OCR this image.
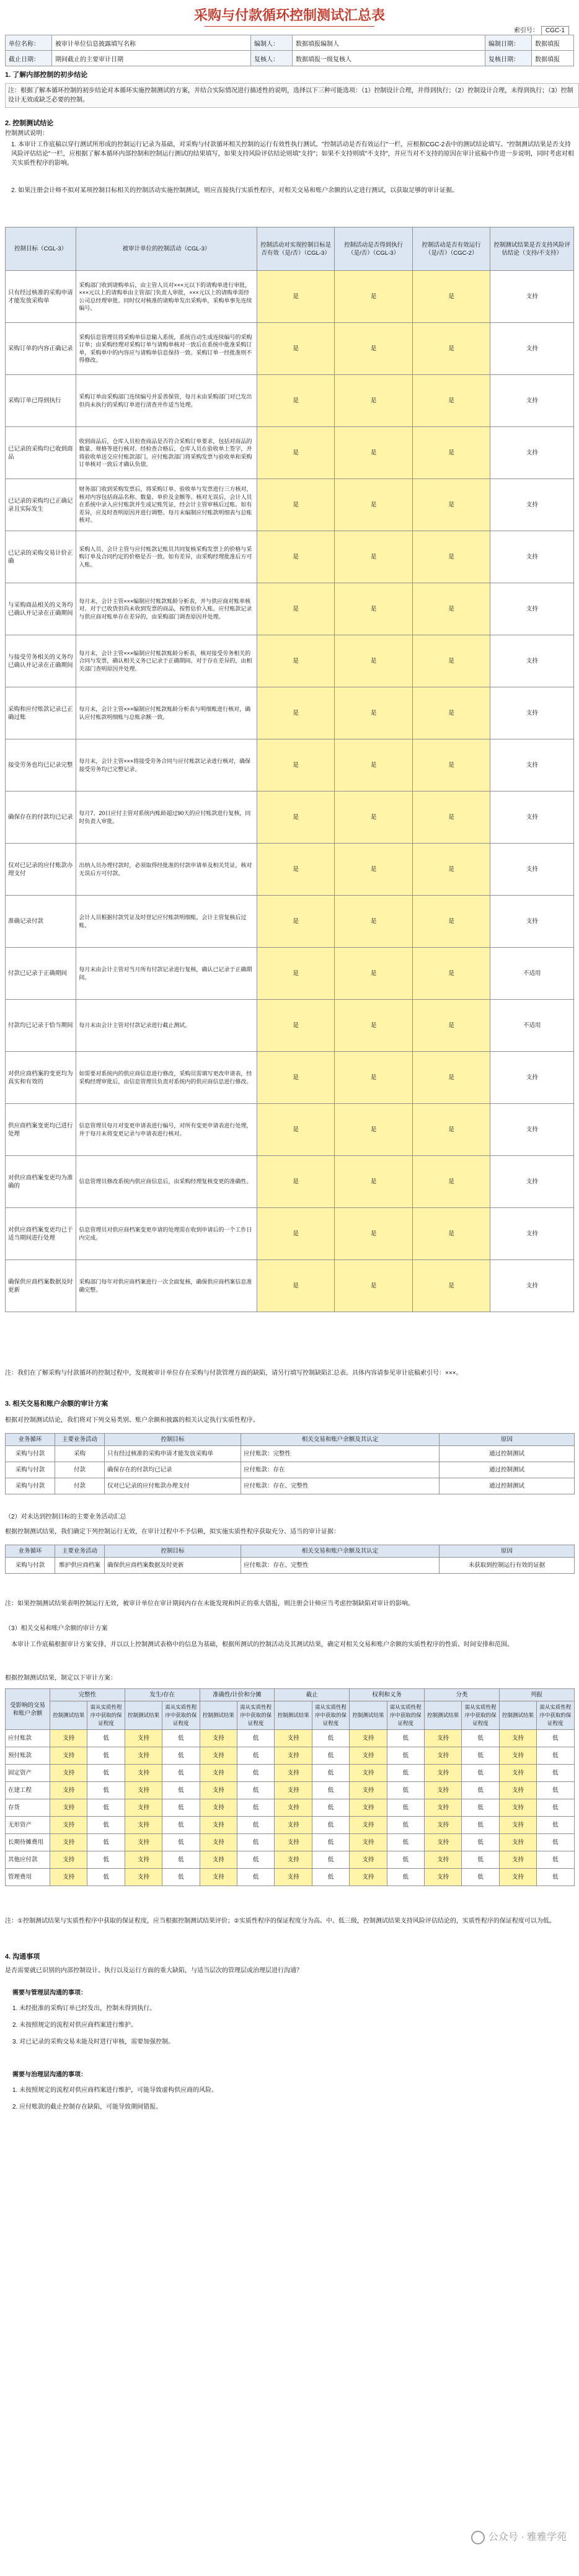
采购与付款循环控制测试汇总表
索引号： CGC-1
单位名称：	被审计单位信息披露填写名称	编制人：	数据填报编制人	编制日期：	数据填报
截止日期：	期间截止的主要审计日期	复核人：	数据填报一级复核人	复核日期：	数据填报
1. 了解内部控制的初步结论
注：根据了解本循环控制的初步结论对本循环实施控制测试的方案，并结合实际情况进行描述性的说明，选择以下三种可能选项：（1）控制设计合理，并得到执行；（2）控制设计合理，未得到执行；（3）控制设计无效或缺乏必要的控制。
2. 控制测试结论
控制测试说明：
1. 本审计工作底稿以穿行测试所形成的控制运行记录为基础，对采购与付款循环相关控制的运行有效性执行测试。"控制活动是否有效运行"一栏，应根据CGC-2表中的测试结论填写。"控制测试结果是否支持风险评估结论"一栏，应根据了解本循环内部控制和控制运行测试的结果填写，如果支持风险评估结论则填"支持"；如果不支持则填"不支持"，并应当对不支持的原因在审计底稿中作进一步说明，同时考虑对相关实质性程序的影响。
2. 如果注册会计师不拟对某项控制目标相关的控制活动实施控制测试，则应直接执行实质性程序，对相关交易和账户余额的认定进行测试，以获取足够的审计证据。
控制目标（CGL-3）	被审计单位的控制活动（CGL-3）	控制活动对实现控制目标是否有效（是/否）（CGL-3）	控制活动是否得到执行（是/否）（CGL-3）	控制活动是否有效运行（是/否）（CGC-2）	控制测试结果是否支持风险评估结论（支持/不支持）
只有经过核准的采购申请才能发放采购单	采购部门收到请购单后，由主管人员对×××元以下的请购单进行审批，×××元以上的请购单由主管部门负责人审批，×××元以上的请购单需经公司总经理审批。同时仅对核准的请购单发出采购单，采购单事先连续编号。	是	是	是	支持
采购订单的内容正确记录	采购信息管理员将采购单信息输入系统，系统自动生成连续编号的采购订单；由采购经理对采购订单与请购单核对一致后在系统中批准采购订单，采购单中的内容应与请购单信息保持一致。采购订单一经批准则不得修改。	是	是	是	支持
采购订单已得到执行	采购订单由采购部门连续编号并妥善保管，每月末由采购部门对已发出但尚未执行的采购订单进行清查并作适当处理。	是	是	是	支持
已记录的采购均已收到商品	收到商品后，仓库人员检查商品是否符合采购订单要求，包括对商品的数量、规格等进行核对。经检查合格后，仓库人员在验收单上签字，并将验收单送交应付账款部门。应付账款部门将采购发票与验收单和采购订单核对一致后才确认负债。	是	是	是	支持
已记录的采购均已正确记录且实际发生	财务部门收到采购发票后，将采购订单、验收单与发票进行三方核对，核对内容包括商品名称、数量、单价及金额等。核对无误后，会计人员在系统中录入应付账款并生成记账凭证，经会计主管审核后过账。如有差异，应及时查明原因并进行调整。每月末编制应付账款明细表与总账核对。	是	是	是	支持
已记录的采购交易计价正确	采购人员、会计主管与应付账款记账员共同复核采购发票上的价格与采购订单及合同约定的价格是否一致。如有差异，由采购经理批准后方可入账。	是	是	是	支持
与采购商品相关的义务均已确认并记录在正确期间	每月末，会计主管×××编制应付账款账龄分析表，并与供应商对账单核对。对于已收货但尚未收到发票的商品，按暂估价入账。应付账款记录与供应商对账单存在差异的，由采购部门调查原因并处理。	是	是	是	支持
与接受劳务相关的义务均已确认并记录在正确期间	每月末，会计主管×××编制应付账款账龄分析表，核对接受劳务相关的合同与发票，确认相关义务已记录于正确期间。对于存在差异的，由相关部门查明原因并处理。	是	是	是	支持
采购和应付账款记录已正确过账	每月末，会计主管×××编制应付账款账龄分析表与明细账进行核对，确认应付账款明细账与总账余额一致。	是	是	是	支持
接受劳务也均已记录完整	每月末，会计主管×××将接受劳务合同与应付账款记录进行核对，确保接受劳务均已完整记录。	是	是	是	支持
确保存在的付款均已记录	每月7、20日应付主管对系统内账龄超过90天的应付账款进行复核，同时负责人审批。	是	是	是	支持
仅对已记录的应付账款办理支付	出纳人员办理付款时，必须取得经批准的付款申请单及相关凭证，核对无误后方可付款。	是	是	是	支持
准确记录付款	会计人员根据付款凭证及时登记应付账款明细账，会计主管复核后过账。	是	是	是	支持
付款已记录于正确期间	每月末由会计主管对当月所有付款记录进行复核，确认已记录于正确期间。	是	是	是	不适用
付款均已记录于恰当期间	每月末由会计主管对付款记录进行截止测试。	是	是	是	不适用
对供应商档案的变更均为真实和有效的	如需要对系统内的供应商信息进行修改，采购员需填写更改申请表，经采购经理审批后，由信息管理员负责对系统内的供应商信息进行修改。	是	是	是	支持
供应商档案变更均已进行处理	信息管理员每月对变更申请表进行编号，对所有变更申请表进行处理，并于每月末将变更记录与申请表进行核对。	是	是	是	支持
对供应商档案变更均为准确的	信息管理员修改系统内供应商信息后，由采购经理复核变更的准确性。	是	是	是	支持
对供应商档案变更均已于适当期间进行处理	信息管理员对供应商档案变更申请的处理需在收到申请后的一个工作日内完成。	是	是	是	支持
确保供应商档案数据及时更新	采购部门每年对供应商档案进行一次全面复核，确保供应商档案信息准确完整。	是	是	是	支持
注：我们在了解采购与付款循环的控制过程中，发现被审计单位存在采购与付款管理方面的缺陷，请另行填写控制缺陷汇总表。具体内容请参见审计底稿索引号：×××。
3. 相关交易和账户余额的审计方案
根据对控制测试结论，我们将对下列交易类别、账户余额和披露的相关认定执行实质性程序。
业务循环	主要业务活动	控制目标	相关交易和账户余额及其认定	原因
采购与付款	采购	只有经过核准的采购申请才能发放采购单	应付账款：完整性	通过控制测试
采购与付款	付款	确保存在的付款均已记录	应付账款：存在	通过控制测试
采购与付款	付款	仅对已记录的应付账款办理支付	应付账款：存在、完整性	通过控制测试
（2）对未达到控制目标的主要业务活动汇总
根据控制测试结果，我们确定下列控制运行无效，在审计过程中不予信赖，拟实施实质性程序获取充分、适当的审计证据：
业务循环	主要业务活动	控制目标	相关交易和账户余额及其认定	原因
采购与付款	维护供应商档案	确保供应商档案数据及时更新	应付账款：存在、完整性	未获取到控制运行有效的证据
注：如果控制测试结果表明控制运行无效，被审计单位在审计期间内存在未能发现和纠正的重大错报，则注册会计师应当考虑控制缺陷对审计的影响。
（3）相关交易和账户余额的审计方案
本审计工作底稿根据审计方案安排，并以以上控制测试表格中的信息为基础，根据所测试的控制活动及其测试结果，确定对相关交易和账户余额的实质性程序的性质、时间安排和范围。
根据控制测试结果，制定以下审计方案：
受影响的交易和账户余额	完整性		发生/存在		准确性/计价和分摊		截止		权利和义务		分类		列报	
	控制测试结果	需从实质性程序中获取的保证程度	控制测试结果	需从实质性程序中获取的保证程度	控制测试结果	需从实质性程序中获取的保证程度	控制测试结果	需从实质性程序中获取的保证程度	控制测试结果	需从实质性程序中获取的保证程度	控制测试结果	需从实质性程序中获取的保证程度	控制测试结果	需从实质性程序中获取的保证程度
应付账款	支持	低	支持	低	支持	低	支持	低	支持	低	支持	低	支持	低
预付账款	支持	低	支持	低	支持	低	支持	低	支持	低	支持	低	支持	低
固定资产	支持	低	支持	低	支持	低	支持	低	支持	低	支持	低	支持	低
在建工程	支持	低	支持	低	支持	低	支持	低	支持	低	支持	低	支持	低
存货	支持	低	支持	低	支持	低	支持	低	支持	低	支持	低	支持	低
无形资产	支持	低	支持	低	支持	低	支持	低	支持	低	支持	低	支持	低
长期待摊费用	支持	低	支持	低	支持	低	支持	低	支持	低	支持	低	支持	低
其他应付款	支持	低	支持	低	支持	低	支持	低	支持	低	支持	低	支持	低
管理费用	支持	低	支持	低	支持	低	支持	低	支持	低	支持	低	支持	低
注：①控制测试结果与实质性程序中获取的保证程度，应当根据控制测试结果评价；②实质性程序的保证程度分为高、中、低三级，控制测试结果支持风险评估结论的，实质性程序的保证程度可以为低。
4. 沟通事项
是否需要就已识别的内部控制设计、执行以及运行方面的重大缺陷，与适当层次的管理层或治理层进行沟通？
需要与管理层沟通的事项：
1. 未经批准的采购订单已经发出，控制未得到执行。
2. 未按照规定的流程对供应商档案进行维护。
3. 对已记录的采购交易未能及时进行审核，需要加强控制。
需要与治理层沟通的事项：
1. 未按照规定的流程对供应商档案进行维护，可能导致虚构供应商的风险。
2. 应付账款的截止控制存在缺陷，可能导致期间错报。
公众号 · 雅雅学苑
